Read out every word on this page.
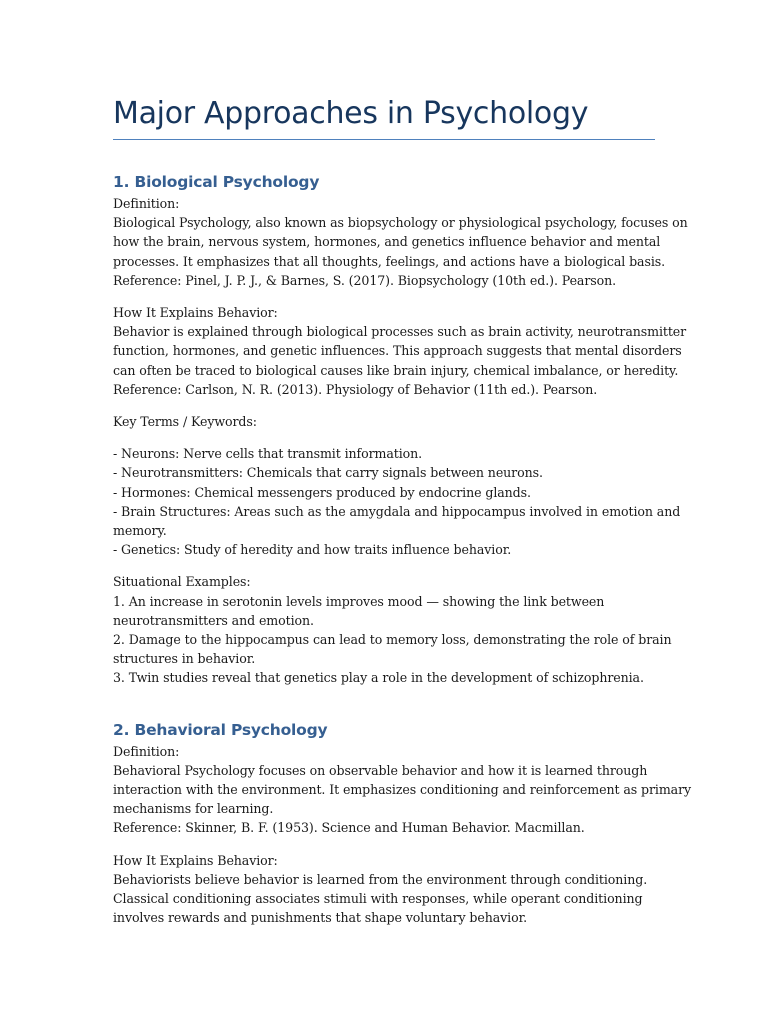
Major Approaches in Psychology
1. Biological Psychology

Definition:
Biological Psychology, also known as biopsychology or physiological psychology, focuses on
how the brain, nervous system, hormones, and genetics influence behavior and mental
processes. It emphasizes that all thoughts, feelings, and actions have a biological basis.
Reference: Pinel, J. P. J., & Barnes, S. (2017). Biopsychology (10th ed.). Pearson.

How It Explains Behavior:
Behavior is explained through biological processes such as brain activity, neurotransmitter
function, hormones, and genetic influences. This approach suggests that mental disorders
can often be traced to biological causes like brain injury, chemical imbalance, or heredity.
Reference: Carlson, N. R. (2013). Physiology of Behavior (11th ed.). Pearson.

Key Terms / Keywords:

- Neurons: Nerve cells that transmit information.
- Neurotransmitters: Chemicals that carry signals between neurons.
- Hormones: Chemical messengers produced by endocrine glands.
- Brain Structures: Areas such as the amygdala and hippocampus involved in emotion and
memory.
- Genetics: Study of heredity and how traits influence behavior.

Situational Examples:
1. An increase in serotonin levels improves mood — showing the link between
neurotransmitters and emotion.
2. Damage to the hippocampus can lead to memory loss, demonstrating the role of brain
structures in behavior.
3. Twin studies reveal that genetics play a role in the development of schizophrenia.

2. Behavioral Psychology

Definition:
Behavioral Psychology focuses on observable behavior and how it is learned through
interaction with the environment. It emphasizes conditioning and reinforcement as primary
mechanisms for learning.
Reference: Skinner, B. F. (1953). Science and Human Behavior. Macmillan.

How It Explains Behavior:
Behaviorists believe behavior is learned from the environment through conditioning.
Classical conditioning associates stimuli with responses, while operant conditioning
involves rewards and punishments that shape voluntary behavior.
